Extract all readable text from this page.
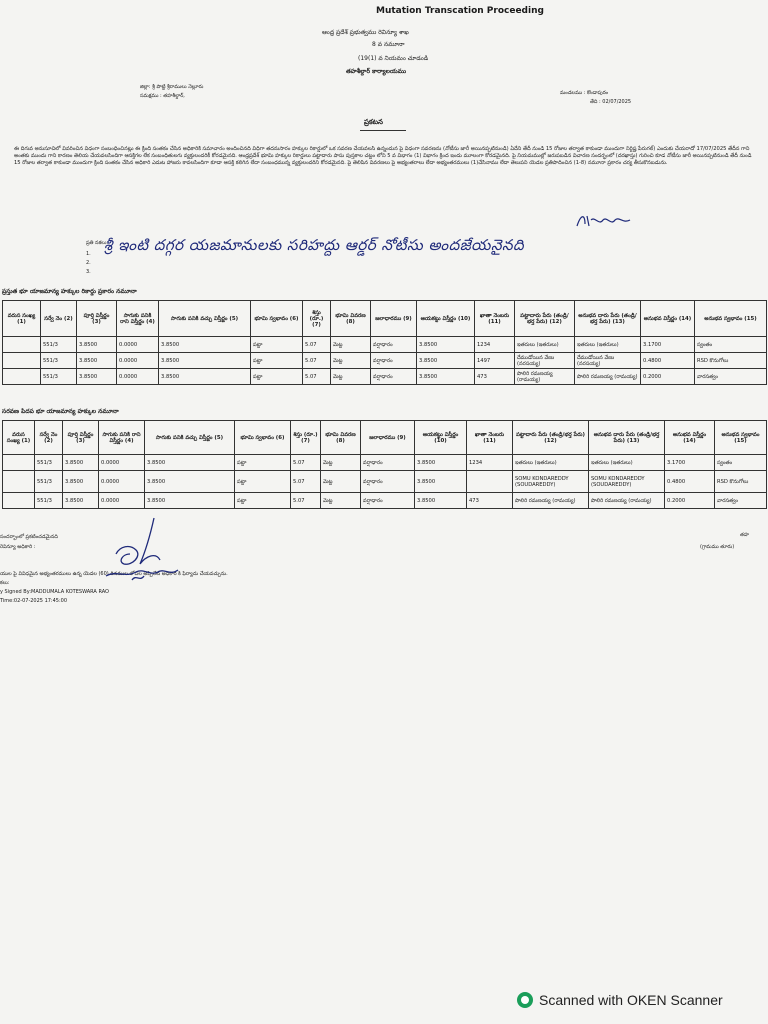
Mutation Transcation Proceeding
ఆంధ్ర ప్రదేశ్ ప్రభుత్వము రెవిన్యూ శాఖ
8 వ నమూనా
(19(1) వ నియమం చూడండి
తహశీల్దార్ కార్యాలయము
జిల్లా: శ్రీ పొట్టి శ్రీరాములు నెల్లూరు
సమక్షము : తహశీల్దార్,	మండలము : కొండాపురం
తేది : 02/07/2025
ప్రకటన
ఈ దిగువ అనుసూచిలో వివరించిన విధంగా సంబంధించినట్లు ఈ క్రింది సంతకం చేసిన అధికారికి సమాచారం అందించినది విధిగా తదనుసారం హక్కుల రికార్డులో ఒక సవరణ చేయవలసి ఉన్నందున పై విధంగా సవరణను (నోటీసు జారీ అయినప్పటినుండి) ఏదేని తేదీ నుండి 15 రోజుల తర్వాత కాకుండా ముందుగా నిర్దిష్ట పేరుగల్) ఎందుకు చేయరాదో 17/07/2025 తేదీన గాని అంతకు ముందు గాని కారణం తెలియ చేయవలసిందిగా ఆసక్తిగల లేక సంబంధితులగు వ్యక్తులందరికీ కోరడమైనది. ఆంధ్రప్రదేశ్ భూమి హక్కుల రికార్డులు పట్టాదారు పాసు పుస్తకాల చట్టం లోని 5 వ విభాగం (1) విభాగం క్రింద ఇందు మూలంగా కోరడమైనది. పై నియమముల్లో జరుపబడిన విచారణ సందర్భంలో (దరఖాస్తు) గురించి కూడ నోటీసు జారీ అయినప్పటినుండి తేదీ నుండి 15 రోజుల తర్వాత కాకుండా ముందుగా క్రింది సంతకం చేసిన అధికారి ఎదుట హాజరు కావలసిందిగా కూడా ఆసక్తి కలిగిన లేదా సంబంధమున్న వ్యక్తులందరిని కోరడమైనది. పై తెలిపిన వివరణలు పై అభ్యంతరాలు లేదా అభ్యంతరములు (1)చేసినాము లేదా తెలుపని యెడల ప్రతిపాదించిన (1-8) నమూనా ప్రకారం చర్య తీసుకొనబడును.
ప్రతి నకలు:
1.
2.
3.
శ్రీ ఇంటి దగ్గర యజమానులకు సరిహద్దు ఆర్డర్ నోటీసు అందజేయనైనది
ప్రస్తుత భూ యాజమాన్య హక్కుల రికార్డు ప్రకారం నమూనా
వరుస సంఖ్య (1)	సర్వే నెం (2)	పూర్తి విస్తీర్ణం (3)	సాగుకు పనికి రాని విస్తీర్ణం (4)	సాగుకు పనికి వచ్చు విస్తీర్ణం (5)	భూమి స్వభావం (6)	శిస్తు (రూ.) (7)	భూమి వివరణ (8)	జలాధారము (9)	ఆయకట్టు విస్తీర్ణం (10)	ఖాతా నెంబరు (11)	పట్టాదారు పేరు (తండ్రి/భర్త పేరు) (12)	అనుభవ దారు పేరు (తండ్రి/భర్త పేరు) (13)	అనుభవ విస్తీర్ణం (14)	అనుభవ స్వభావం (15)
	551/3	3.8500	0.0000	3.8500	పట్టా	5.07	మెట్ట	వర్షాధారం	3.8500	1234	ఇతరులు (ఇతరులు)	ఇతరులు (ఇతరులు)	3.1700	స్వంతం
	551/3	3.8500	0.0000	3.8500	పట్టా	5.07	మెట్ట	వర్షాధారం	3.8500	1497	దేముడోయిన వేణు (నరసయ్య)	దేముడోయిన వేణు (నరసయ్య)	0.4800	RSD కొనుగోలు
	551/3	3.8500	0.0000	3.8500	పట్టా	5.07	మెట్ట	వర్షాధారం	3.8500	473	పొలిరి రమణయ్య (రామయ్య)	పొలిరి రమణయ్య (రామయ్య)	0.2000	వారసత్వం
సరవణ పిదప భూ యాజమాన్య హక్కుల నమూనా
వరుస సంఖ్య (1)	సర్వే నెం (2)	పూర్తి విస్తీర్ణం (3)	సాగుకు పనికి రాని విస్తీర్ణం (4)	సాగుకు పనికి వచ్చు విస్తీర్ణం (5)	భూమి స్వభావం (6)	శిస్తు (రూ.) (7)	భూమి వివరణ (8)	జలాధారము (9)	ఆయకట్టు విస్తీర్ణం (10)	ఖాతా నెంబరు (11)	పట్టాదారు పేరు (తండ్రి/భర్త పేరు) (12)	అనుభవ దారు పేరు (తండ్రి/భర్త పేరు) (13)	అనుభవ విస్తీర్ణం (14)	అనుభవ స్వభావం (15)
	551/3	3.8500	0.0000	3.8500	పట్టా	5.07	మెట్ట	వర్షాధారం	3.8500	1234	ఇతరులు (ఇతరులు)	ఇతరులు (ఇతరులు)	3.1700	స్వంతం
	551/3	3.8500	0.0000	3.8500	పట్టా	5.07	మెట్ట	వర్షాధారం	3.8500		SOMU KONDAREDDY (SOUDAREDDY)	SOMU KONDAREDDY (SOUDAREDDY)	0.4800	RSD కొనుగోలు
	551/3	3.8500	0.0000	3.8500	పట్టా	5.07	మెట్ట	వర్షాధారం	3.8500	473	పొలిరి రమణయ్య (రామయ్య)	పొలిరి రమణయ్య (రామయ్య)	0.2000	వారసత్వం
సందర్భాంలో ప్రకటించడమైనది
రెవిన్యూ అధికారి :
యుల పై వివిధమైన అభ్యంతరములు ఉన్న యెడల (60) దినముల లోపల అప్పిలేట్ అధికారి కి ఫిర్యాదు చేయవచ్చును.
కలు:
y Signed By:MADDUMALA KOTESWARA RAO
Time:02-07-2025 17:45:00
తహ
(గ్రామము తూరు)
Scanned with OKEN Scanner
